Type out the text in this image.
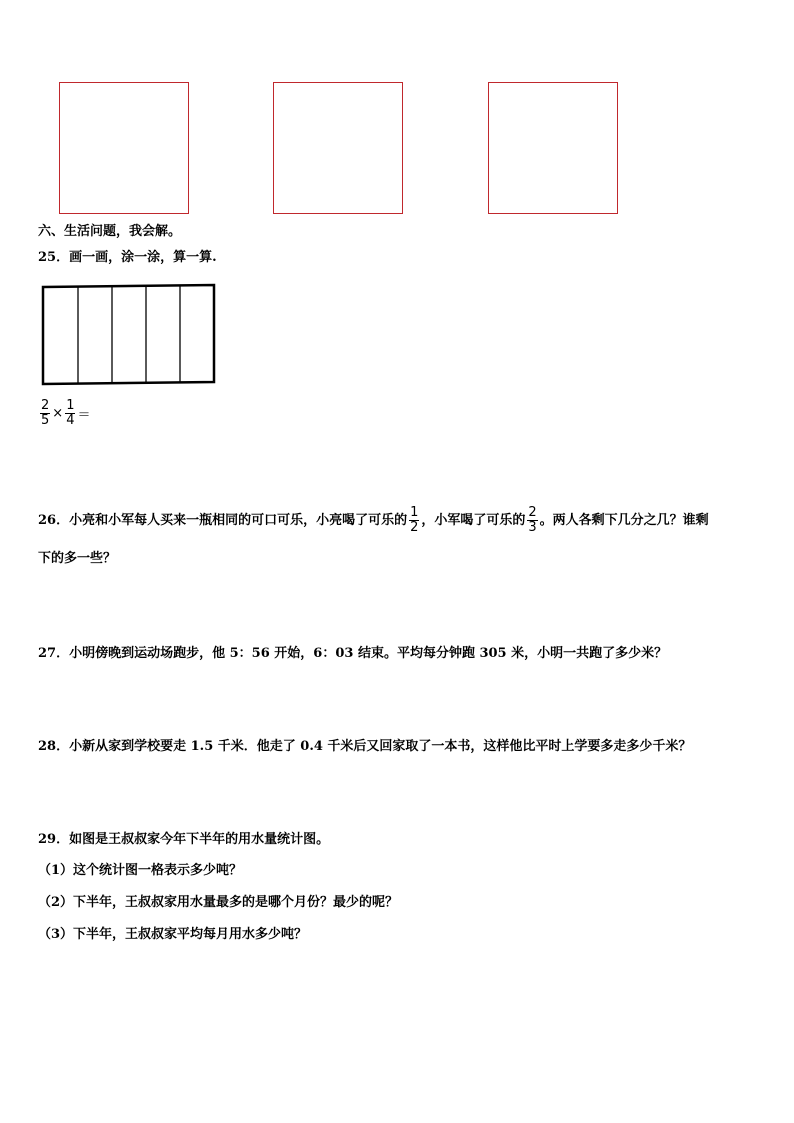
六、生活问题，我会解。
25．画一画，涂一涂，算一算.
$\frac{2}{5} \times \frac{1}{4}$ ＝
26．小亮和小军每人买来一瓶相同的可口可乐，小亮喝了可乐的 $\frac{1}{2}$ ，小军喝了可乐的 $\frac{2}{3}$ 。两人各剩下几分之几？谁剩
下的多一些？
27．小明傍晚到运动场跑步，他 5：56 开始，6：03 结束。平均每分钟跑 305 米，小明一共跑了多少米？
28．小新从家到学校要走 1.5 千米．他走了 0.4 千米后又回家取了一本书，这样他比平时上学要多走多少千米？
29．如图是王叔叔家今年下半年的用水量统计图。
（1）这个统计图一格表示多少吨？
（2）下半年，王叔叔家用水量最多的是哪个月份？最少的呢？
（3）下半年，王叔叔家平均每月用水多少吨？
